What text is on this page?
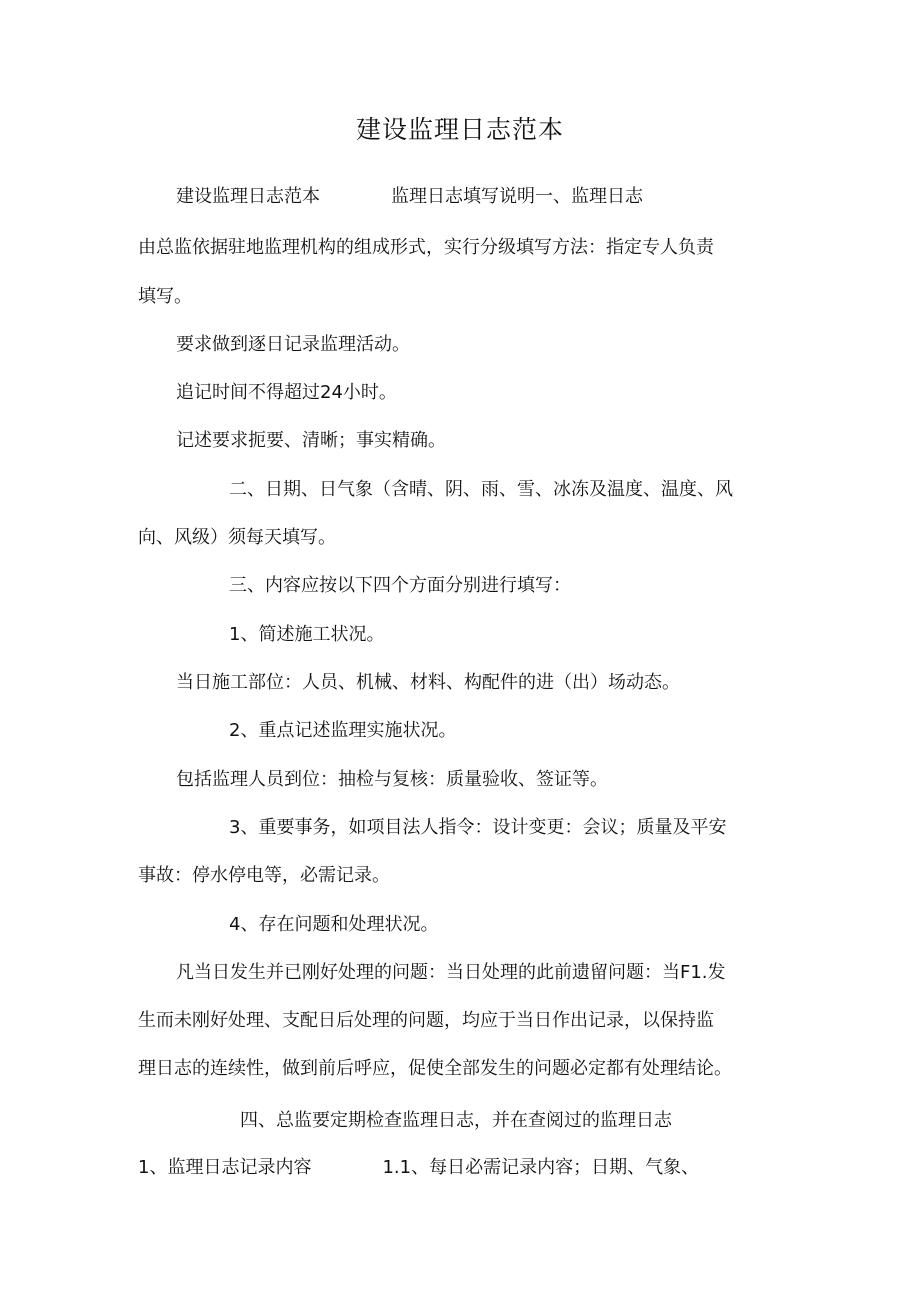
建设监理日志范本
建设监理日志范本	监理日志填写说明一、监理日志
由总监依据驻地监理机构的组成形式，实行分级填写方法：指定专人负责
填写。
要求做到逐日记录监理活动。
追记时间不得超过24小时。
记述要求扼要、清晰；事实精确。
二、日期、日气象（含晴、阴、雨、雪、冰冻及温度、温度、风
向、风级）须每天填写。
三、内容应按以下四个方面分别进行填写：
1、简述施工状况。
当日施工部位：人员、机械、材料、构配件的进（出）场动态。
2、重点记述监理实施状况。
包括监理人员到位：抽检与复核：质量验收、签证等。
3、重要事务，如项目法人指令：设计变更：会议；质量及平安
事故：停水停电等，必需记录。
4、存在问题和处理状况。
凡当日发生并已刚好处理的问题：当日处理的此前遗留问题：当F1.发
生而未刚好处理、支配日后处理的问题，均应于当日作出记录，以保持监
理日志的连续性，做到前后呼应，促使全部发生的问题必定都有处理结论。
四、总监要定期检查监理日志，并在查阅过的监理日志
1、监理日志记录内容	1.1、每日必需记录内容；日期、气象、
